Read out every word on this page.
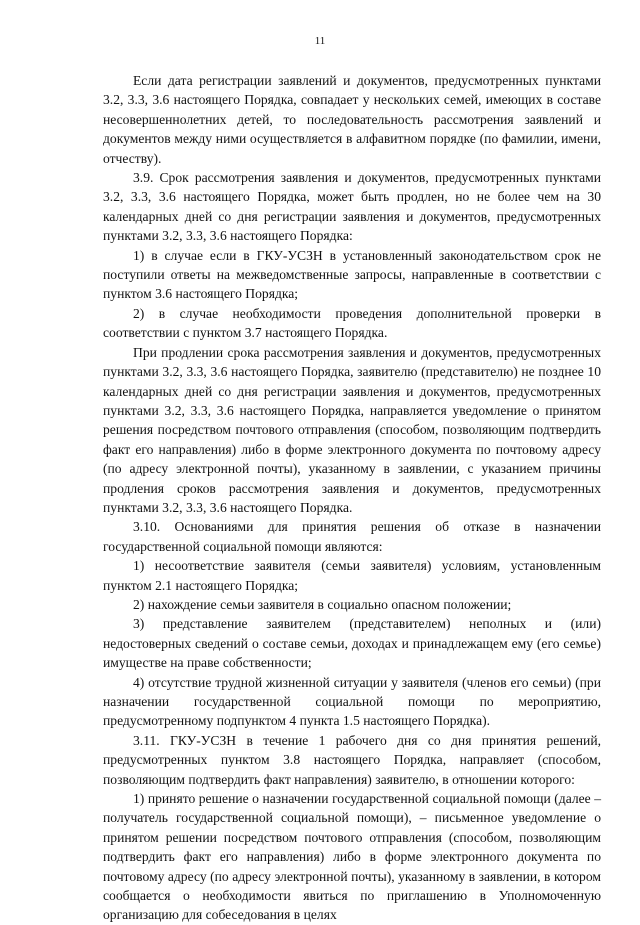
11

Если дата регистрации заявлений и документов, предусмотренных пунктами 3.2, 3.3, 3.6 настоящего Порядка, совпадает у нескольких семей, имеющих в составе несовершеннолетних детей, то последовательность рассмотрения заявлений и документов между ними осуществляется в алфавитном порядке (по фамилии, имени, отчеству).

3.9. Срок рассмотрения заявления и документов, предусмотренных пунктами 3.2, 3.3, 3.6 настоящего Порядка, может быть продлен, но не более чем на 30 календарных дней со дня регистрации заявления и документов, предусмотренных пунктами 3.2, 3.3, 3.6 настоящего Порядка:

1) в случае если в ГКУ-УСЗН в установленный законодательством срок не поступили ответы на межведомственные запросы, направленные в соответствии с пунктом 3.6 настоящего Порядка;

2) в случае необходимости проведения дополнительной проверки в соответствии с пунктом 3.7 настоящего Порядка.

При продлении срока рассмотрения заявления и документов, предусмотренных пунктами 3.2, 3.3, 3.6 настоящего Порядка, заявителю (представителю) не позднее 10 календарных дней со дня регистрации заявления и документов, предусмотренных пунктами 3.2, 3.3, 3.6 настоящего Порядка, направляется уведомление о принятом решения посредством почтового отправления (способом, позволяющим подтвердить факт его направления) либо в форме электронного документа по почтовому адресу (по адресу электронной почты), указанному в заявлении, с указанием причины продления сроков рассмотрения заявления и документов, предусмотренных пунктами 3.2, 3.3, 3.6 настоящего Порядка.

3.10. Основаниями для принятия решения об отказе в назначении государственной социальной помощи являются:

1) несоответствие заявителя (семьи заявителя) условиям, установленным пунктом 2.1 настоящего Порядка;

2) нахождение семьи заявителя в социально опасном положении;

3) представление заявителем (представителем) неполных и (или) недостоверных сведений о составе семьи, доходах и принадлежащем ему (его семье) имуществе на праве собственности;

4) отсутствие трудной жизненной ситуации у заявителя (членов его семьи) (при назначении государственной социальной помощи по мероприятию, предусмотренному подпунктом 4 пункта 1.5 настоящего Порядка).

3.11. ГКУ-УСЗН в течение 1 рабочего дня со дня принятия решений, предусмотренных пунктом 3.8 настоящего Порядка, направляет (способом, позволяющим подтвердить факт направления) заявителю, в отношении которого:

1) принято решение о назначении государственной социальной помощи (далее – получатель государственной социальной помощи), – письменное уведомление о принятом решении посредством почтового отправления (способом, позволяющим подтвердить факт его направления) либо в форме электронного документа по почтовому адресу (по адресу электронной почты), указанному в заявлении, в котором сообщается о необходимости явиться по приглашению в Уполномоченную организацию для собеседования в целях
